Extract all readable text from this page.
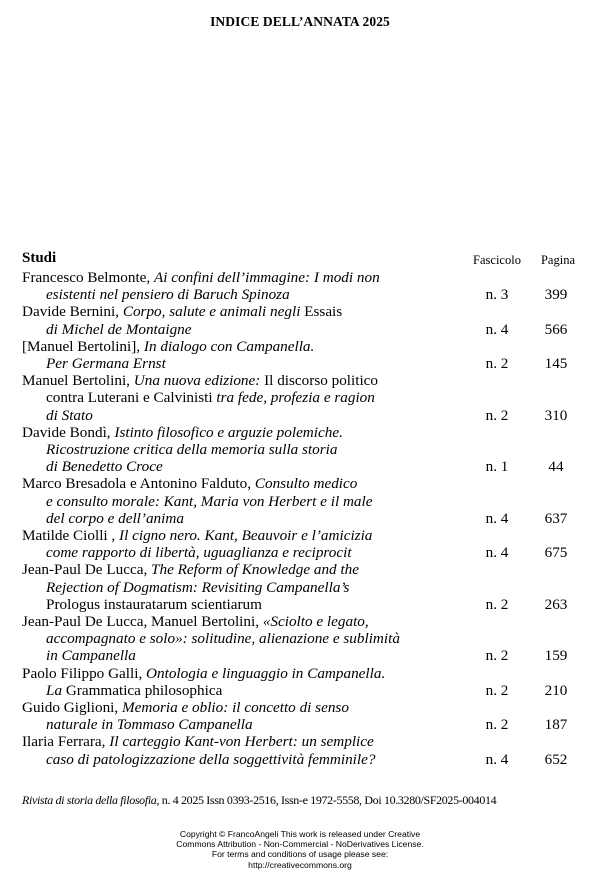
INDICE DELL’ANNATA 2025
Studi	Fascicolo	Pagina
Francesco Belmonte, Ai confini dell’immagine: I modi non
esistenti nel pensiero di Baruch Spinoza	n. 3	399
Davide Bernini, Corpo, salute e animali negli Essais
di Michel de Montaigne	n. 4	566
[Manuel Bertolini], In dialogo con Campanella.
Per Germana Ernst	n. 2	145
Manuel Bertolini, Una nuova edizione: Il discorso politico
contra Luterani e Calvinisti tra fede, profezia e ragion
di Stato	n. 2	310
Davide Bondì, Istinto filosofico e arguzie polemiche.
Ricostruzione critica della memoria sulla storia
di Benedetto Croce	n. 1	44
Marco Bresadola e Antonino Falduto, Consulto medico
e consulto morale: Kant, Maria von Herbert e il male
del corpo e dell’anima	n. 4	637
Matilde Ciolli , Il cigno nero. Kant, Beauvoir e l’amicizia
come rapporto di libertà, uguaglianza e reciprocit	n. 4	675
Jean-Paul De Lucca, The Reform of Knowledge and the
Rejection of Dogmatism: Revisiting Campanella’s
Prologus instauratarum scientiarum	n. 2	263
Jean-Paul De Lucca, Manuel Bertolini, «Sciolto e legato,
accompagnato e solo»: solitudine, alienazione e sublimità
in Campanella	n. 2	159
Paolo Filippo Galli, Ontologia e linguaggio in Campanella.
La Grammatica philosophica	n. 2	210
Guido Giglioni, Memoria e oblio: il concetto di senso
naturale in Tommaso Campanella	n. 2	187
Ilaria Ferrara, Il carteggio Kant-von Herbert: un semplice
caso di patologizzazione della soggettività femminile?	n. 4	652
Rivista di storia della filosofia, n. 4 2025 Issn 0393-2516, Issn-e 1972-5558, Doi 10.3280/SF2025-004014
Copyright © FrancoAngeli This work is released under Creative
Commons Attribution - Non-Commercial - NoDerivatives License.
For terms and conditions of usage please see:
http://creativecommons.org
